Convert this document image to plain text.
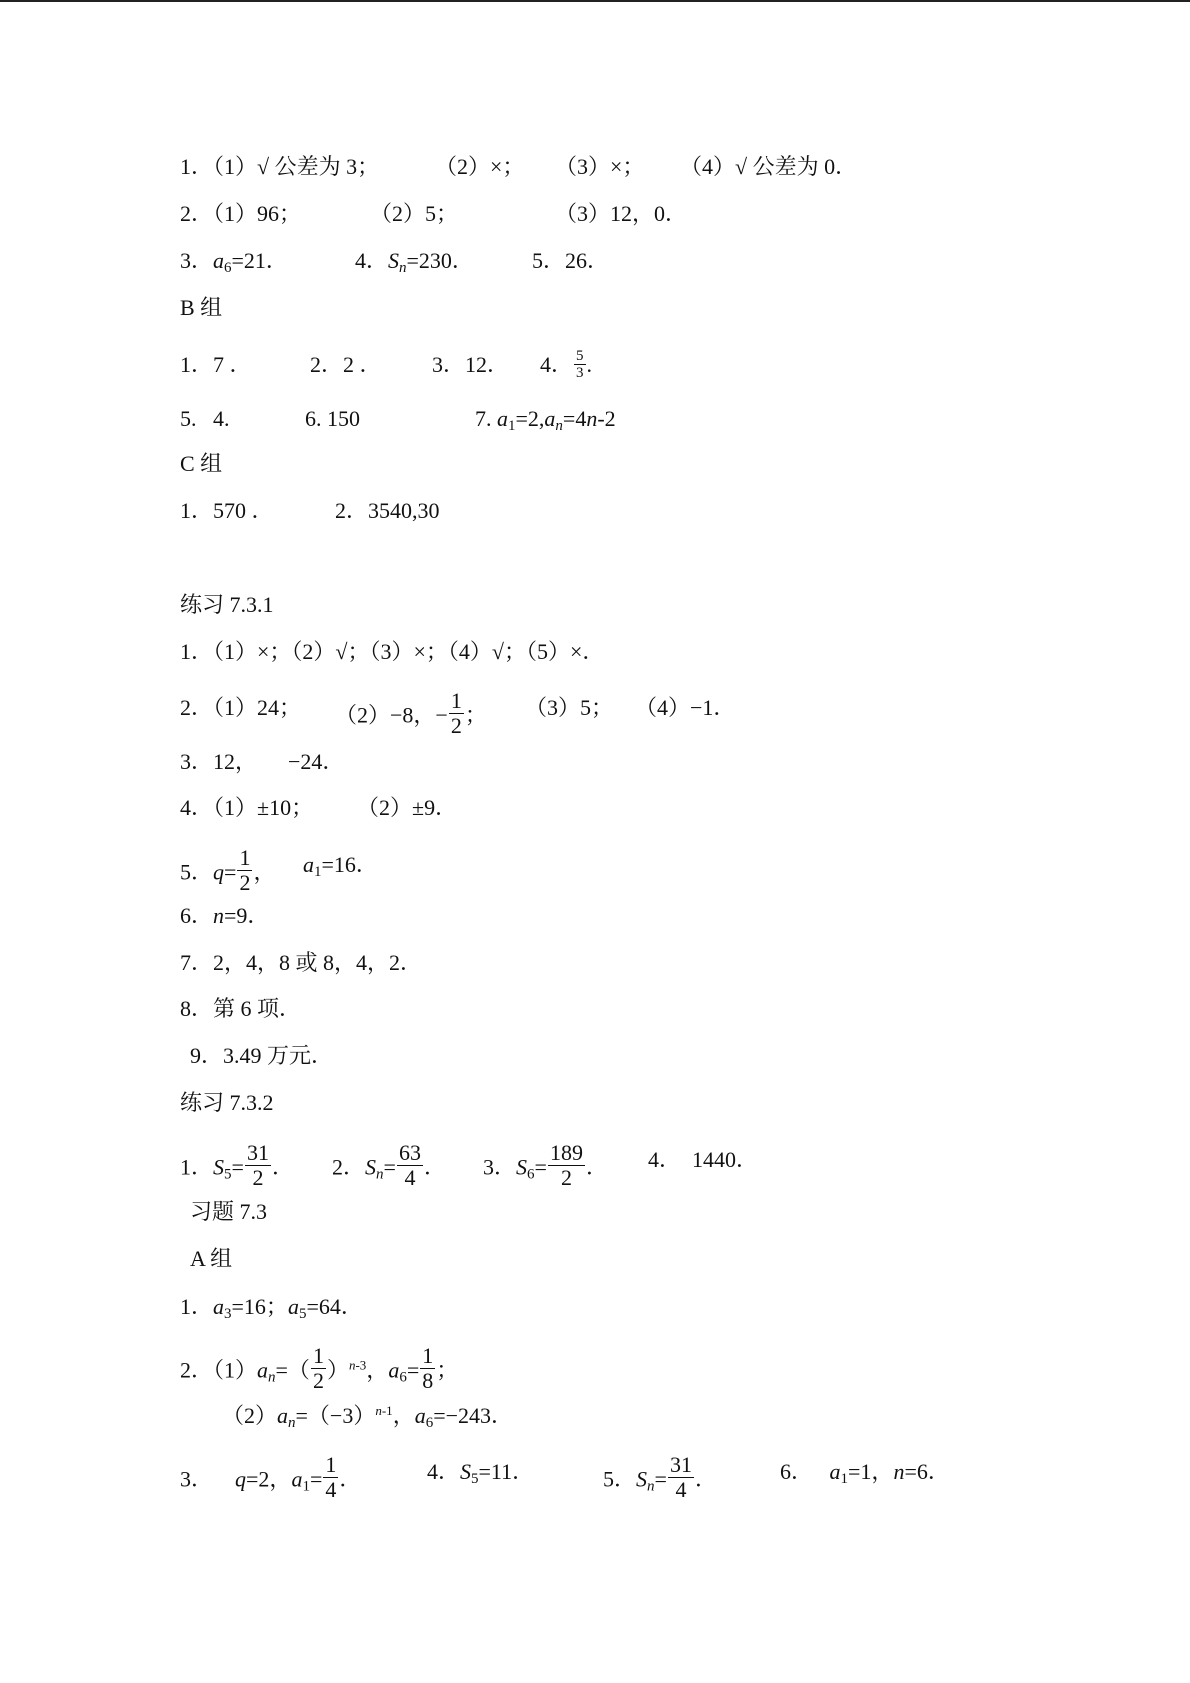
1．（1）√ 公差为 3；	（2）×； （3）×； （4）√ 公差为 0．
2．（1）96；	（2）5；	（3）12，0．
3．$a_6=21$．	4．$S_n=230$．	5．26．
B 组
1．7 ．	2．2 ． 3．12． 4． $\frac{5}{3}$ .
5.   4.	6. 150	7. $a_1=2,a_n=4n-2$
C 组
1．570 ．	2．3540,30
练习 7.3.1
1．（1）×；（2）√；（3）×；（4）√；（5）×．
2．（1）24； （2）−8，− $\frac{1}{2}$ ； （3）5； （4）−1．
3．12， −24．
4．（1）±10； （2）±9．
5．$q= \frac{1}{2}$ ， $a_1=16$．
6．n=9．
7．2，4，8 或 8，4，2．
8．第 6 项．
9．3.49 万元．
练习 7.3.2
1．$S_5= \frac{31}{2}$ ． 2．$S_n= \frac{63}{4}$ ． 3．$S_6= \frac{189}{2}$ ． 4．  1440．
习题 7.3
A 组
1．$a_3=16$；$a_5=64$．
2．$(1)a_n=( \frac{1}{2} )^{n-3}$，$a_6= \frac{1}{8}$ ；
$(2)a_n=(-3)^{n-1}$，$a_6=-243$．
3． q=2，$a_1= \frac{1}{4}$ ．	4．$S_5=11$．	5．$S_n= \frac{31}{4}$ ．	6． $a_1=1$，n=6．
